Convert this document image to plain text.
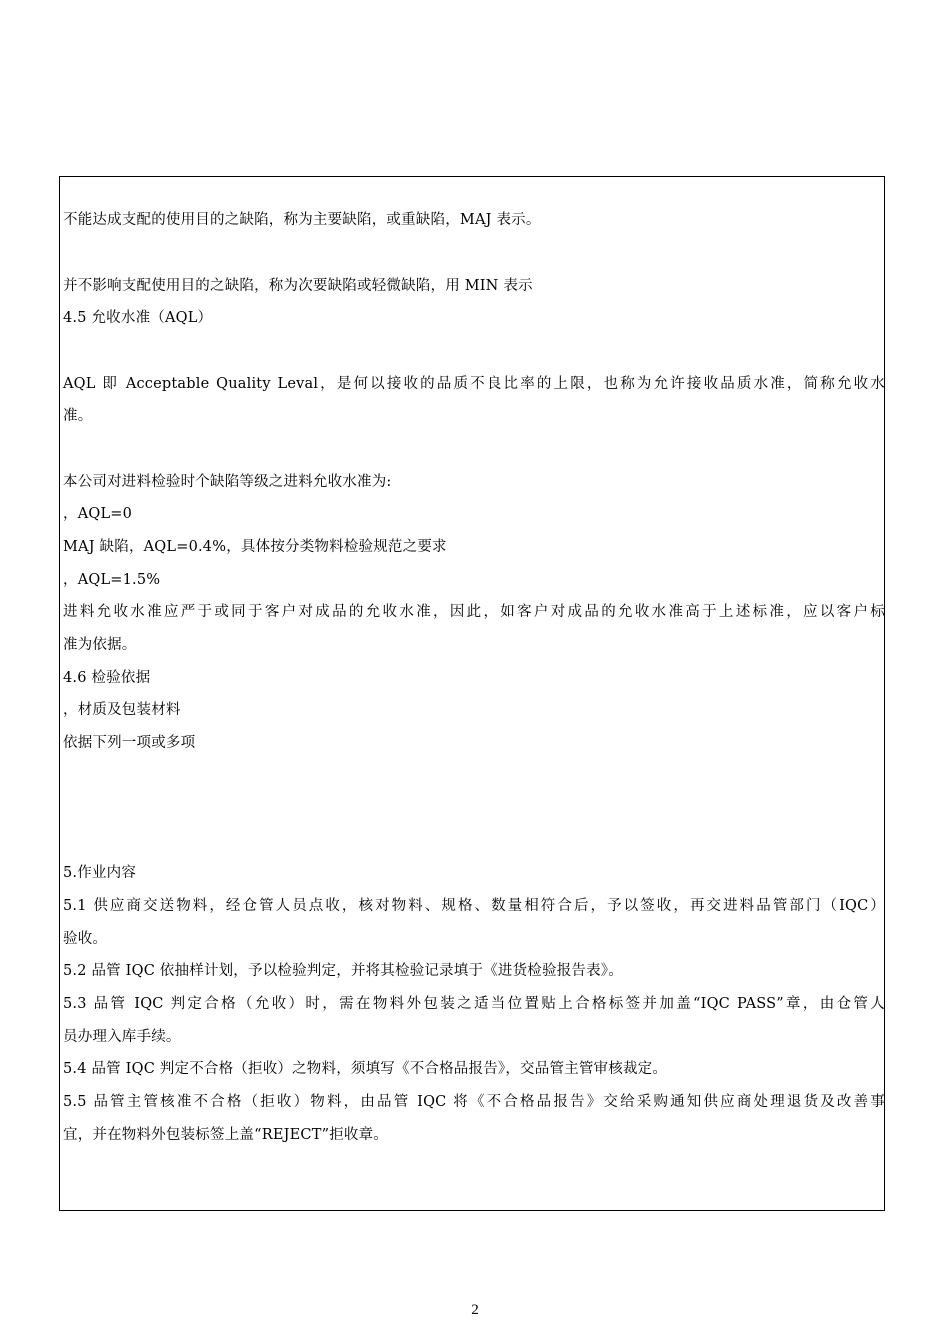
不能达成支配的使用目的之缺陷，称为主要缺陷，或重缺陷，MAJ 表示。
并不影响支配使用目的之缺陷，称为次要缺陷或轻微缺陷，用 MIN 表示
4.5 允收水准（AQL）
AQL 即 Acceptable Quality Leval，是何以接收的品质不良比率的上限，也称为允许接收品质水准，简称允收水
准。
本公司对进料检验时个缺陷等级之进料允收水准为:
，AQL=0
MAJ 缺陷，AQL=0.4%，具体按分类物料检验规范之要求
，AQL=1.5%
进料允收水准应严于或同于客户对成品的允收水准，因此，如客户对成品的允收水准高于上述标准，应以客户标
准为依据。
4.6 检验依据
，材质及包装材料
依据下列一项或多项
5.作业内容
5.1 供应商交送物料，经仓管人员点收，核对物料、规格、数量相符合后，予以签收，再交进料品管部门（IQC）
验收。
5.2 品管 IQC 依抽样计划，予以检验判定，并将其检验记录填于《进货检验报告表》。
5.3 品管 IQC 判定合格（允收）时，需在物料外包装之适当位置贴上合格标签并加盖“IQC PASS”章，由仓管人
员办理入库手续。
5.4 品管 IQC 判定不合格（拒收）之物料，须填写《不合格品报告》，交品管主管审核裁定。
5.5 品管主管核准不合格（拒收）物料，由品管 IQC 将《不合格品报告》交给采购通知供应商处理退货及改善事
宜，并在物料外包装标签上盖“REJECT”拒收章。
2
